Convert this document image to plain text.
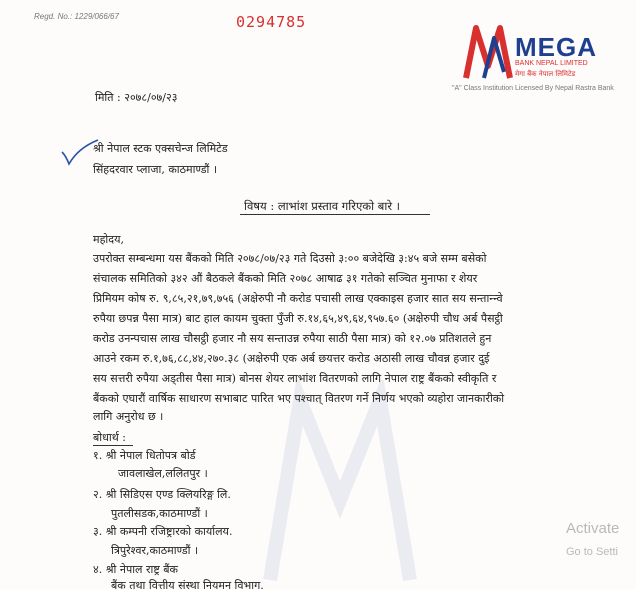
Regd. No.: 1229/066/67	0294785
MEGA
BANK NEPAL LIMITED
मेगा बैंक नेपाल लिमिटेड
"A" Class Institution Licensed By Nepal Rastra Bank
मिति : २०७८/०७/२३
श्री नेपाल स्टक एक्सचेन्ज लिमिटेड
सिंहदरवार प्लाजा, काठमाण्डौं ।
विषय : लाभांश प्रस्ताव गरिएको बारे ।
महोदय,
उपरोक्त सम्बन्धमा यस बैंकको मिति २०७८/०७/२३ गते दिउसो ३:०० बजेदेखि ३:४५ बजे सम्म बसेको
संचालक समितिको ३४२ औं बैठकले बैंकको मिति २०७८ आषाढ ३१ गतेको सञ्चित मुनाफा र शेयर
प्रिमियम कोष रु. ९,८५,२१,७९,७५६ (अक्षेरुपी नौ करोड पचासी लाख एक्काइस हजार सात सय सन्तान्न्वे
रुपैया छपन्न पैसा मात्र) बाट हाल कायम चुक्ता पुँजी रु.१४,६५,४९,६४,९५७.६० (अक्षेरुपी चौध अर्ब पैसट्ठी
करोड उनन्पचास लाख चौसट्ठी हजार नौ सय सन्ताउन्न रुपैया साठी पैसा मात्र) को १२.०७ प्रतिशतले हुन
आउने रकम रु.१,७६,८८,४४,२७०.३८ (अक्षेरुपी एक अर्ब छयत्तर करोड अठासी लाख चौवन्न हजार दुई
सय सत्तरी रुपैया अड्तीस पैसा मात्र) बोनस शेयर लाभांश वितरणको लागि नेपाल राष्ट्र बैंकको स्वीकृति र
बैंकको एघारौं वार्षिक साधारण सभाबाट पारित भए पश्चात् वितरण गर्ने निर्णय भएको व्यहोरा जानकारीको
लागि अनुरोध छ ।
बोधार्थ :
१. श्री नेपाल धितोपत्र बोर्ड
जावलाखेल,ललितपुर ।
२. श्री सिडिएस एण्ड क्लियरिङ्ग लि.
पुतलीसडक,काठमाण्डौं ।
३. श्री कम्पनी रजिष्ट्रारको कार्यालय.
त्रिपुरेश्वर,काठमाण्डौं ।
४. श्री नेपाल राष्ट्र बैंक
बैंक तथा वित्तीय संस्था नियमन विभाग.
Activate
Go to Setti
